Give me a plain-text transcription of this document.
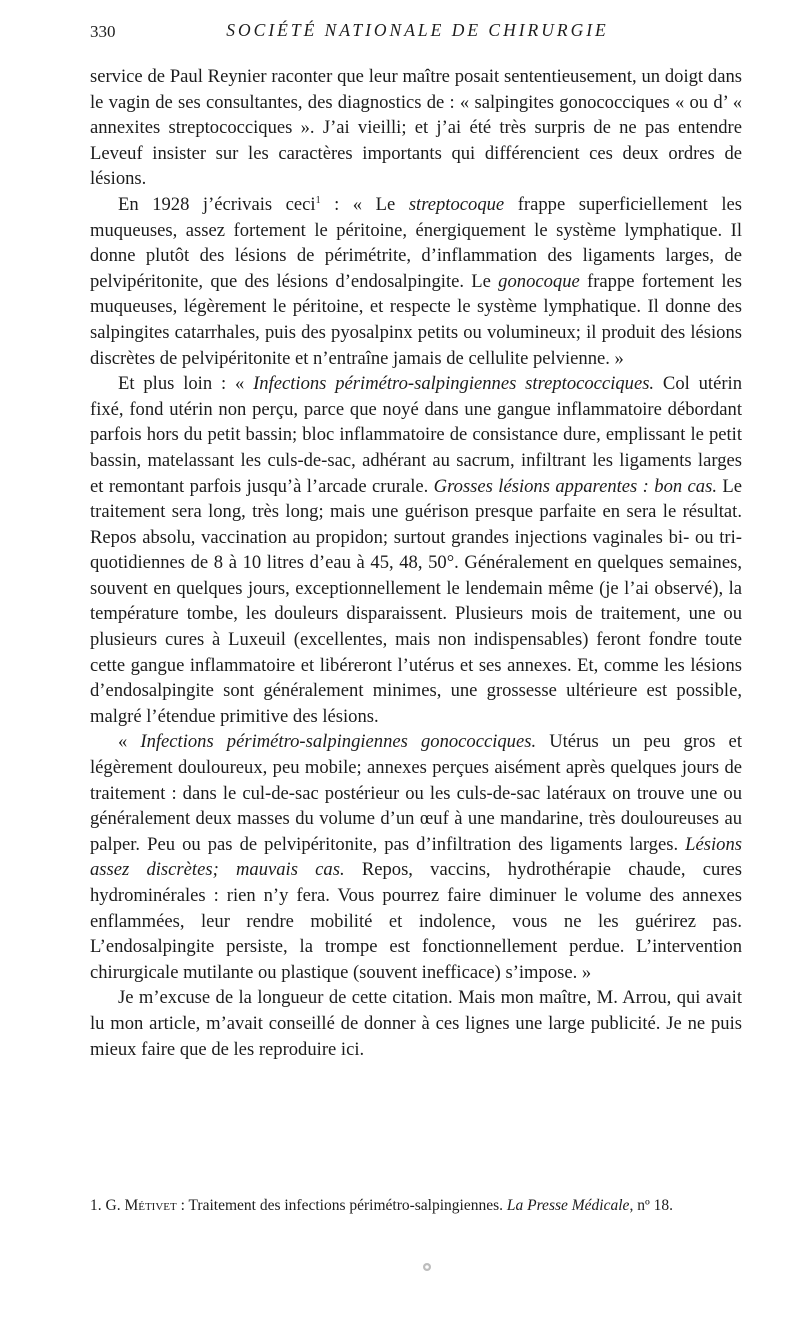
330	SOCIÉTÉ NATIONALE DE CHIRURGIE

service de Paul Reynier raconter que leur maître posait sententieusement, un doigt dans le vagin de ses consultantes, des diagnostics de : « salpingites gonococciques « ou d’ « annexites streptococciques ». J’ai vieilli; et j’ai été très surpris de ne pas entendre Leveuf insister sur les caractères importants qui différencient ces deux ordres de lésions.

En 1928 j’écrivais ceci$^1$ : « Le streptocoque frappe superficiellement les muqueuses, assez fortement le péritoine, énergiquement le système lymphatique. Il donne plutôt des lésions de périmétrite, d’inflammation des ligaments larges, de pelvipéritonite, que des lésions d’endosalpingite. Le gonocoque frappe fortement les muqueuses, légèrement le péritoine, et respecte le système lymphatique. Il donne des salpingites catarrhales, puis des pyosalpinx petits ou volumineux; il produit des lésions discrètes de pelvipéritonite et n’entraîne jamais de cellulite pelvienne. »

Et plus loin : « Infections périmétro-salpingiennes streptococciques. Col utérin fixé, fond utérin non perçu, parce que noyé dans une gangue inflammatoire débordant parfois hors du petit bassin; bloc inflammatoire de consistance dure, emplissant le petit bassin, matelassant les culs-de-sac, adhérant au sacrum, infiltrant les ligaments larges et remontant parfois jusqu’à l’arcade crurale. Grosses lésions apparentes : bon cas. Le traitement sera long, très long; mais une guérison presque parfaite en sera le résultat. Repos absolu, vaccination au propidon; surtout grandes injections vaginales bi- ou tri-quotidiennes de 8 à 10 litres d’eau à 45, 48, 50°. Généralement en quelques semaines, souvent en quelques jours, exceptionnellement le lendemain même (je l’ai observé), la température tombe, les douleurs disparaissent. Plusieurs mois de traitement, une ou plusieurs cures à Luxeuil (excellentes, mais non indispensables) feront fondre toute cette gangue inflammatoire et libéreront l’utérus et ses annexes. Et, comme les lésions d’endosalpingite sont généralement minimes, une grossesse ultérieure est possible, malgré l’étendue primitive des lésions.

« Infections périmétro-salpingiennes gonococciques. Utérus un peu gros et légèrement douloureux, peu mobile; annexes perçues aisément après quelques jours de traitement : dans le cul-de-sac postérieur ou les culs-de-sac latéraux on trouve une ou généralement deux masses du volume d’un œuf à une mandarine, très douloureuses au palper. Peu ou pas de pelvipéritonite, pas d’infiltration des ligaments larges. Lésions assez discrètes; mauvais cas. Repos, vaccins, hydrothérapie chaude, cures hydrominérales : rien n’y fera. Vous pourrez faire diminuer le volume des annexes enflammées, leur rendre mobilité et indolence, vous ne les guérirez pas. L’endosalpingite persiste, la trompe est fonctionnellement perdue. L’intervention chirurgicale mutilante ou plastique (souvent inefficace) s’impose. »

Je m’excuse de la longueur de cette citation. Mais mon maître, M. Arrou, qui avait lu mon article, m’avait conseillé de donner à ces lignes une large publicité. Je ne puis mieux faire que de les reproduire ici.

1. G. Métivet : Traitement des infections périmétro-salpingiennes. La Presse Médicale, nº 18.
